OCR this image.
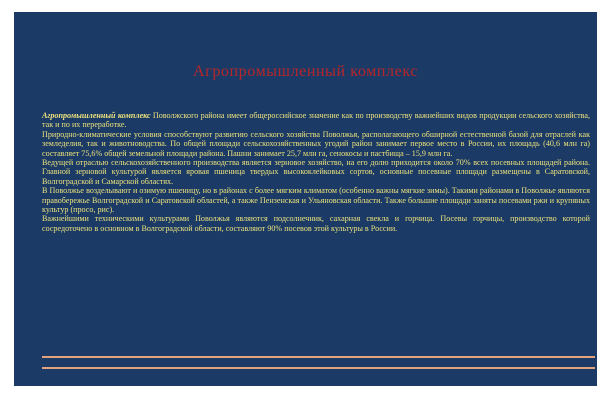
Агропромышленный комплекс

Агропромышленный комплекс Поволжского района имеет общероссийское значение как по производству важнейших видов продукции сельского хозяйства, так и по их переработке.

Природно-климатические условия способствуют развитию сельского хозяйства Поволжья, располагающего обширной естественной базой для отраслей как земледелия, так и животноводства. По общей площади сельскохозяйственных угодий район занимает первое место в России, их площадь (40,6 млн га) составляет 75,6% общей земельной площади района. Пашни занимает 25,7 млн га, сенокосы и пастбища – 15,9 млн га.

Ведущей отраслью сельскохозяйственного производства является зерновое хозяйство, на его долю приходится около 70% всех посевных площадей района. Главной зерновой культурой является яровая пшеница твердых высококлейковых сортов, основные посевные площади размещены в Саратовской, Волгоградской и Самарской областях.

В Поволжье возделывают и озимую пшеницу, но в районах с более мягким климатом (особенно важны мягкие зимы). Такими районами в Поволжье являются правобережье Волгоградской и Саратовской областей, а также Пензенская и Ульяновская области. Также большие площади заняты посевами ржи и крупяных культур (просо, рис).

Важнейшими техническими культурами Поволжья являются подсолнечник, сахарная свекла и горчица. Посевы горчицы, производство которой сосредоточено в основном в Волгоградской области, составляют 90% посевов этой культуры в России.
